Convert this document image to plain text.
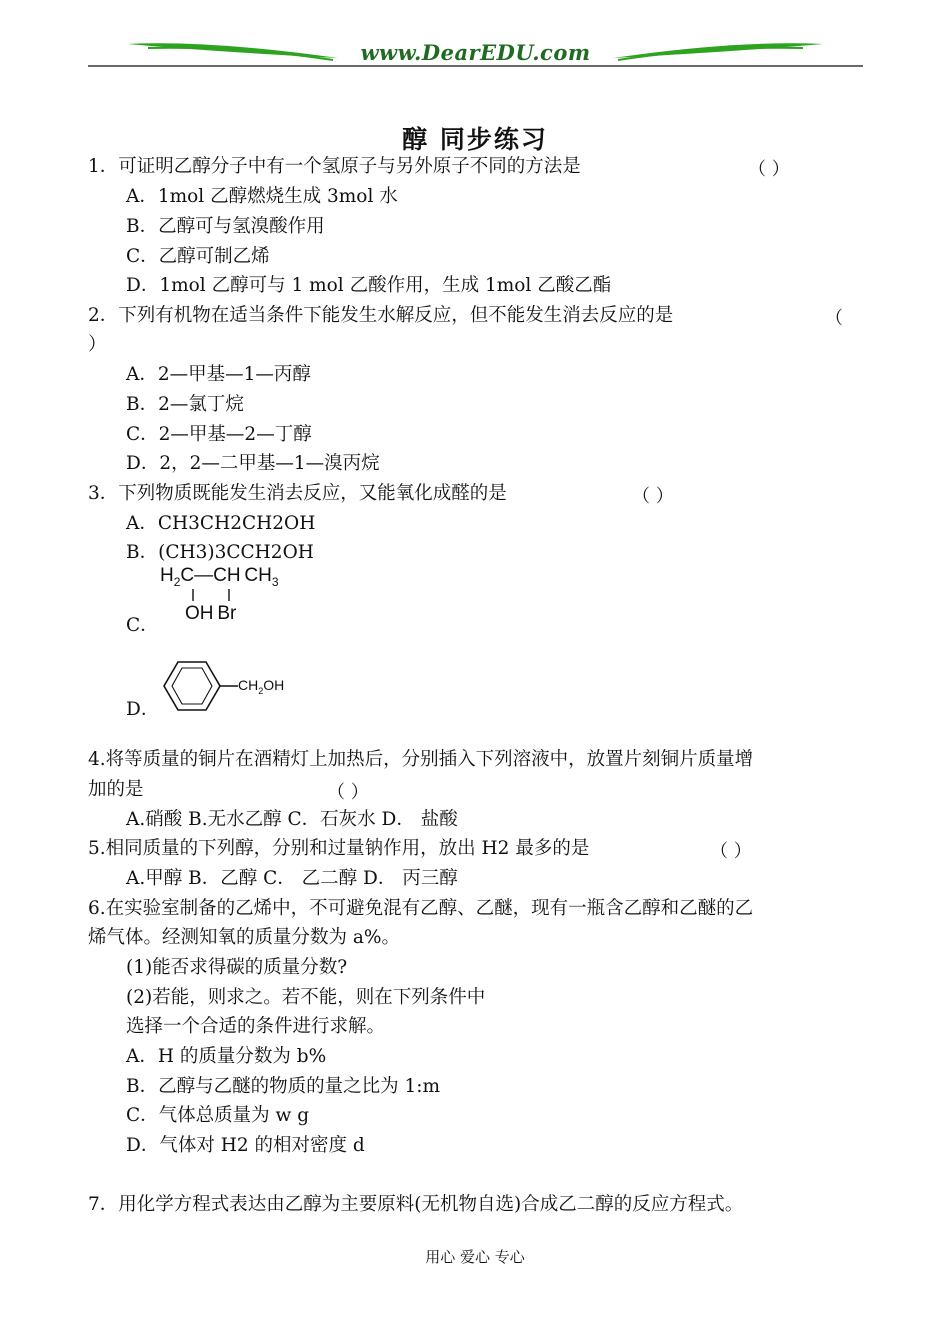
www.DearEDU.com
醇 同步练习
1．可证明乙醇分子中有一个氢原子与另外原子不同的方法是	（ ）
A．1mol 乙醇燃烧生成 3mol 水
B．乙醇可与氢溴酸作用
C．乙醇可制乙烯
D．1mol 乙醇可与 1 mol 乙酸作用，生成 1mol 乙酸乙酯
2．下列有机物在适当条件下能发生水解反应，但不能发生消去反应的是	（
）
A．2—甲基—1—丙醇
B．2—氯丁烷
C．2—甲基—2—丁醇
D．2，2—二甲基—1—溴丙烷
3．下列物质既能发生消去反应，又能氧化成醛的是	（ ）
A．CH3CH2CH2OH
B．(CH3)3CCH2OH
$H_2C—CH$  $CH_3$
OH  Br
C．
$CH_2OH$
D．
4.将等质量的铜片在酒精灯上加热后，分别插入下列溶液中，放置片刻铜片质量增
加的是	（ ）
A.硝酸 B.无水乙醇 C．石灰水 D． 盐酸
5.相同质量的下列醇，分别和过量钠作用，放出 H2 最多的是	（ ）
A.甲醇 B．乙醇 C． 乙二醇 D． 丙三醇
6.在实验室制备的乙烯中，不可避免混有乙醇、乙醚，现有一瓶含乙醇和乙醚的乙
烯气体。经测知氧的质量分数为 a%。
(1)能否求得碳的质量分数?
(2)若能，则求之。若不能，则在下列条件中
选择一个合适的条件进行求解。
A．H 的质量分数为 b%
B．乙醇与乙醚的物质的量之比为 1:m
C．气体总质量为 w g
D．气体对 H2 的相对密度 d
7．用化学方程式表达由乙醇为主要原料(无机物自选)合成乙二醇的反应方程式。
用心 爱心 专心
